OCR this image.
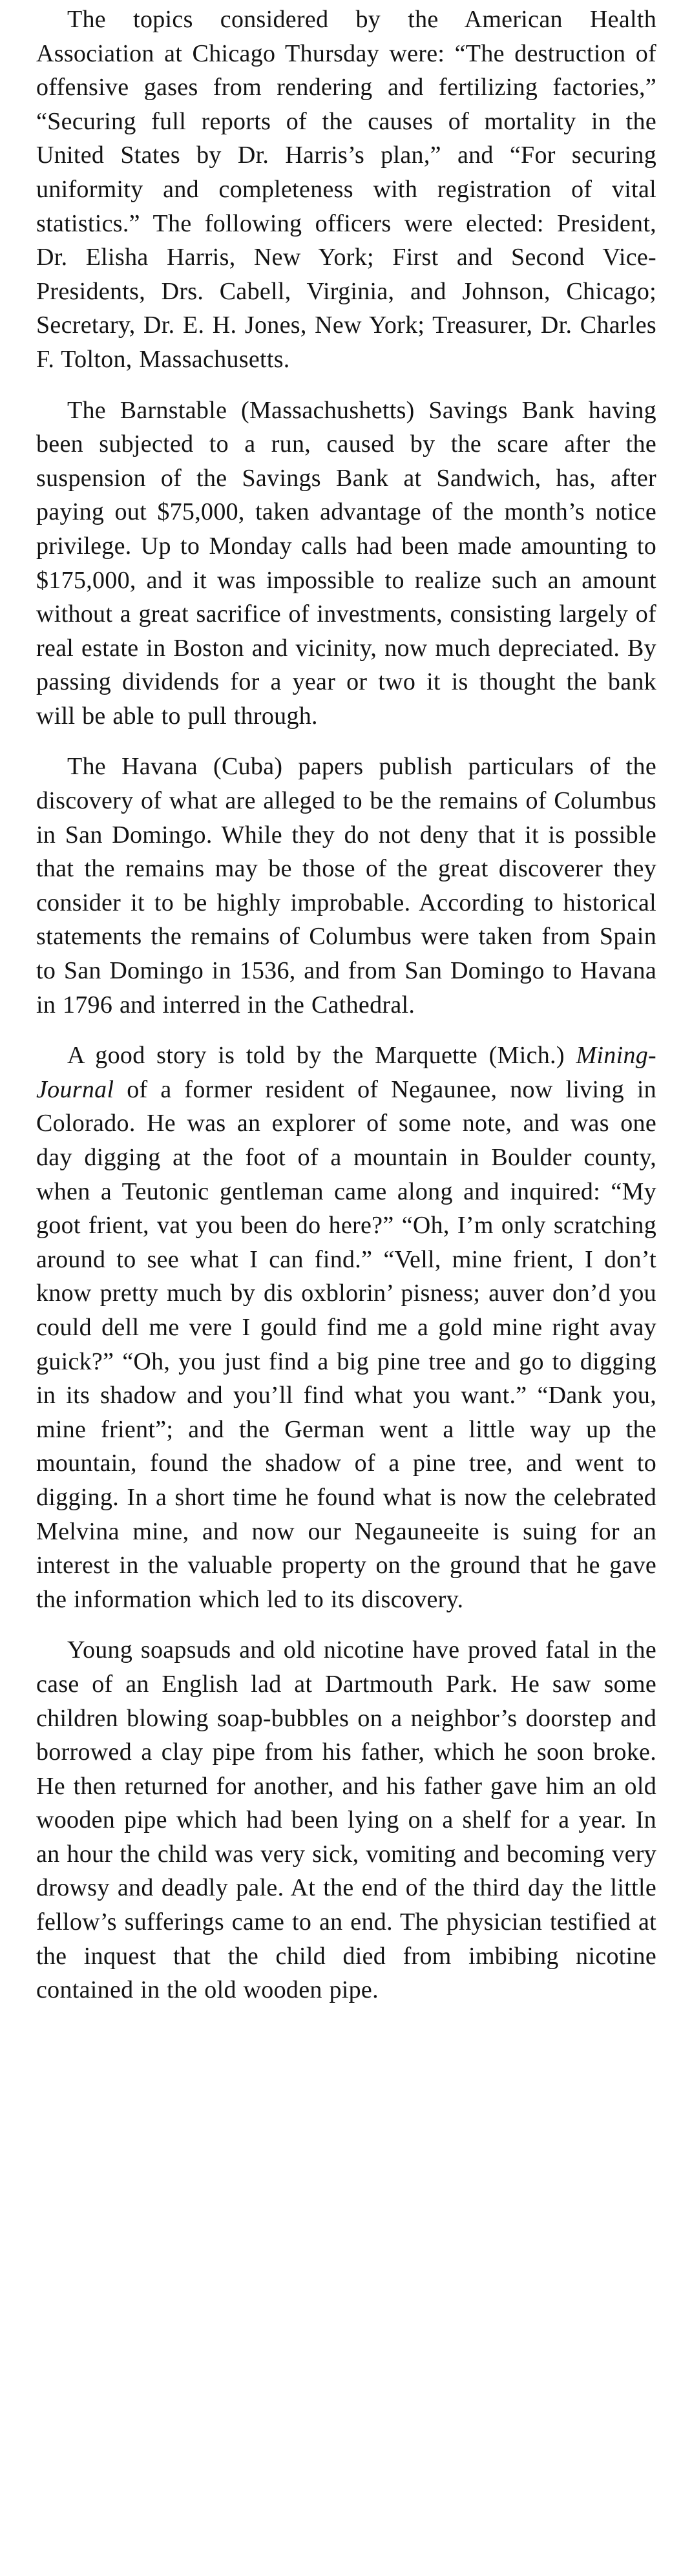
The topics considered by the American Health Association at Chicago Thursday were: “The destruction of offensive gases from rendering and fertilizing factories,” “Securing full reports of the causes of mortality in the United States by Dr. Harris’s plan,” and “For securing uniformity and completeness with registration of vital statistics.” The following officers were elected: President, Dr. Elisha Harris, New York; First and Second Vice-Presidents, Drs. Cabell, Virginia, and Johnson, Chicago; Secretary, Dr. E. H. Jones, New York; Treasurer, Dr. Charles F. Tolton, Massachusetts.

The Barnstable (Massachushetts) Savings Bank having been subjected to a run, caused by the scare after the suspension of the Savings Bank at Sandwich, has, after paying out $75,000, taken advantage of the month’s notice privilege. Up to Monday calls had been made amounting to $175,000, and it was impossible to realize such an amount without a great sacrifice of investments, consisting largely of real estate in Boston and vicinity, now much depreciated. By passing dividends for a year or two it is thought the bank will be able to pull through.

The Havana (Cuba) papers publish particulars of the discovery of what are alleged to be the remains of Columbus in San Domingo. While they do not deny that it is possible that the remains may be those of the great discoverer they consider it to be highly improbable. According to historical statements the remains of Columbus were taken from Spain to San Domingo in 1536, and from San Domingo to Havana in 1796 and interred in the Cathedral.

A good story is told by the Marquette (Mich.) Mining-Journal of a former resident of Negaunee, now living in Colorado. He was an explorer of some note, and was one day digging at the foot of a mountain in Boulder county, when a Teutonic gentleman came along and inquired: “My goot frient, vat you been do here?” “Oh, I’m only scratching around to see what I can find.” “Vell, mine frient, I don’t know pretty much by dis oxblorin’ pisness; auver don’d you could dell me vere I gould find me a gold mine right avay guick?” “Oh, you just find a big pine tree and go to digging in its shadow and you’ll find what you want.” “Dank you, mine frient”; and the German went a little way up the mountain, found the shadow of a pine tree, and went to digging. In a short time he found what is now the celebrated Melvina mine, and now our Negauneeite is suing for an interest in the valuable property on the ground that he gave the information which led to its discovery.

Young soapsuds and old nicotine have proved fatal in the case of an English lad at Dartmouth Park. He saw some children blowing soap-bubbles on a neighbor’s doorstep and borrowed a clay pipe from his father, which he soon broke. He then returned for another, and his father gave him an old wooden pipe which had been lying on a shelf for a year. In an hour the child was very sick, vomiting and becoming very drowsy and deadly pale. At the end of the third day the little fellow’s sufferings came to an end. The physician testified at the inquest that the child died from imbibing nicotine contained in the old wooden pipe.
